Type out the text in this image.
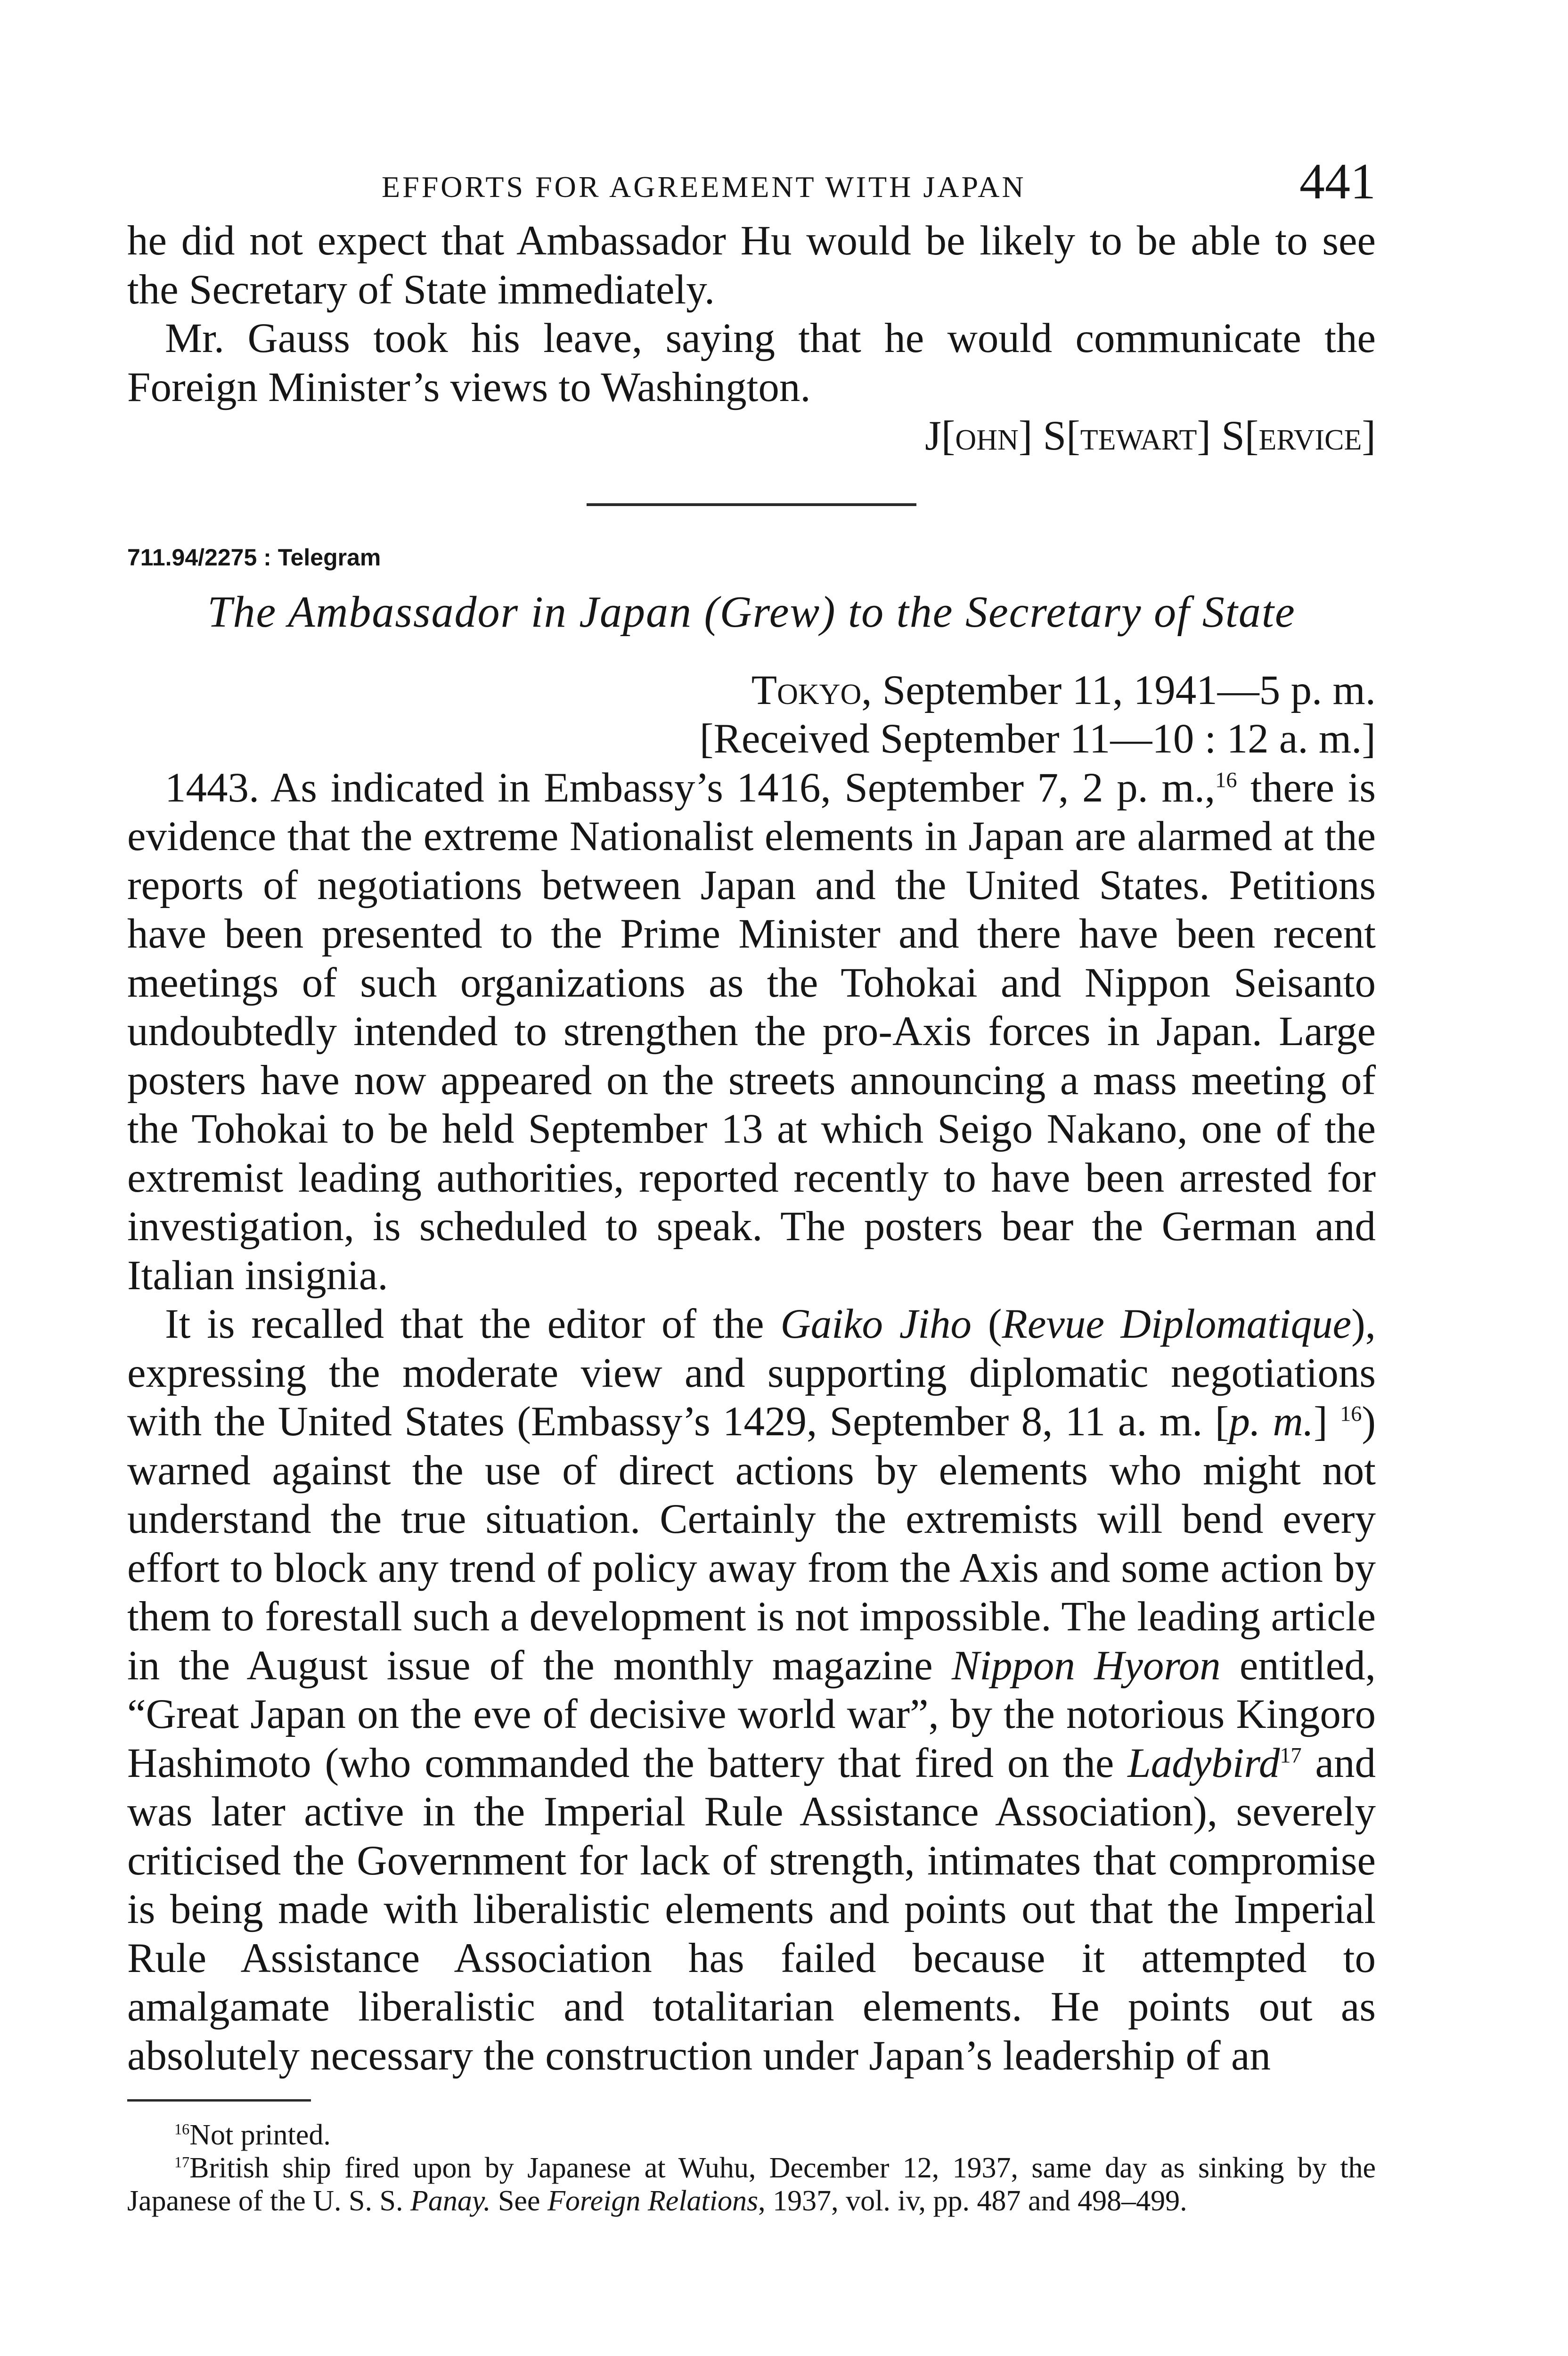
EFFORTS FOR AGREEMENT WITH JAPAN	441

he did not expect that Ambassador Hu would be likely to be able to see the Secretary of State immediately.

Mr. Gauss took his leave, saying that he would communicate the Foreign Minister’s views to Washington.

J[ohn] S[tewart] S[ervice]

711.94/2275 : Telegram

The Ambassador in Japan (Grew) to the Secretary of State

Tokyo, September 11, 1941—5 p. m.
[Received September 11—10 : 12 a. m.]

1443. As indicated in Embassy’s 1416, September 7, 2 p. m.,$^{16}$ there is evidence that the extreme Nationalist elements in Japan are alarmed at the reports of negotiations between Japan and the United States. Petitions have been presented to the Prime Minister and there have been recent meetings of such organizations as the Tohokai and Nippon Seisanto undoubtedly intended to strengthen the pro-Axis forces in Japan. Large posters have now appeared on the streets announcing a mass meeting of the Tohokai to be held September 13 at which Seigo Nakano, one of the extremist leading authorities, reported recently to have been arrested for investigation, is scheduled to speak. The posters bear the German and Italian insignia.

It is recalled that the editor of the Gaiko Jiho (Revue Diplomatique), expressing the moderate view and supporting diplomatic negotiations with the United States (Embassy’s 1429, September 8, 11 a. m. [p. m.] $^{16}$) warned against the use of direct actions by elements who might not understand the true situation. Certainly the extremists will bend every effort to block any trend of policy away from the Axis and some action by them to forestall such a development is not impossible. The leading article in the August issue of the monthly magazine Nippon Hyoron entitled, “Great Japan on the eve of decisive world war”, by the notorious Kingoro Hashimoto (who commanded the battery that fired on the Ladybird$^{17}$ and was later active in the Imperial Rule Assistance Association), severely criticised the Government for lack of strength, intimates that compromise is being made with liberalistic elements and points out that the Imperial Rule Assistance Association has failed because it attempted to amalgamate liberalistic and totalitarian elements. He points out as absolutely necessary the construction under Japan’s leadership of an

$^{16}$Not printed.

$^{17}$British ship fired upon by Japanese at Wuhu, December 12, 1937, same day as sinking by the Japanese of the U. S. S. Panay. See Foreign Relations, 1937, vol. iv, pp. 487 and 498–499.
